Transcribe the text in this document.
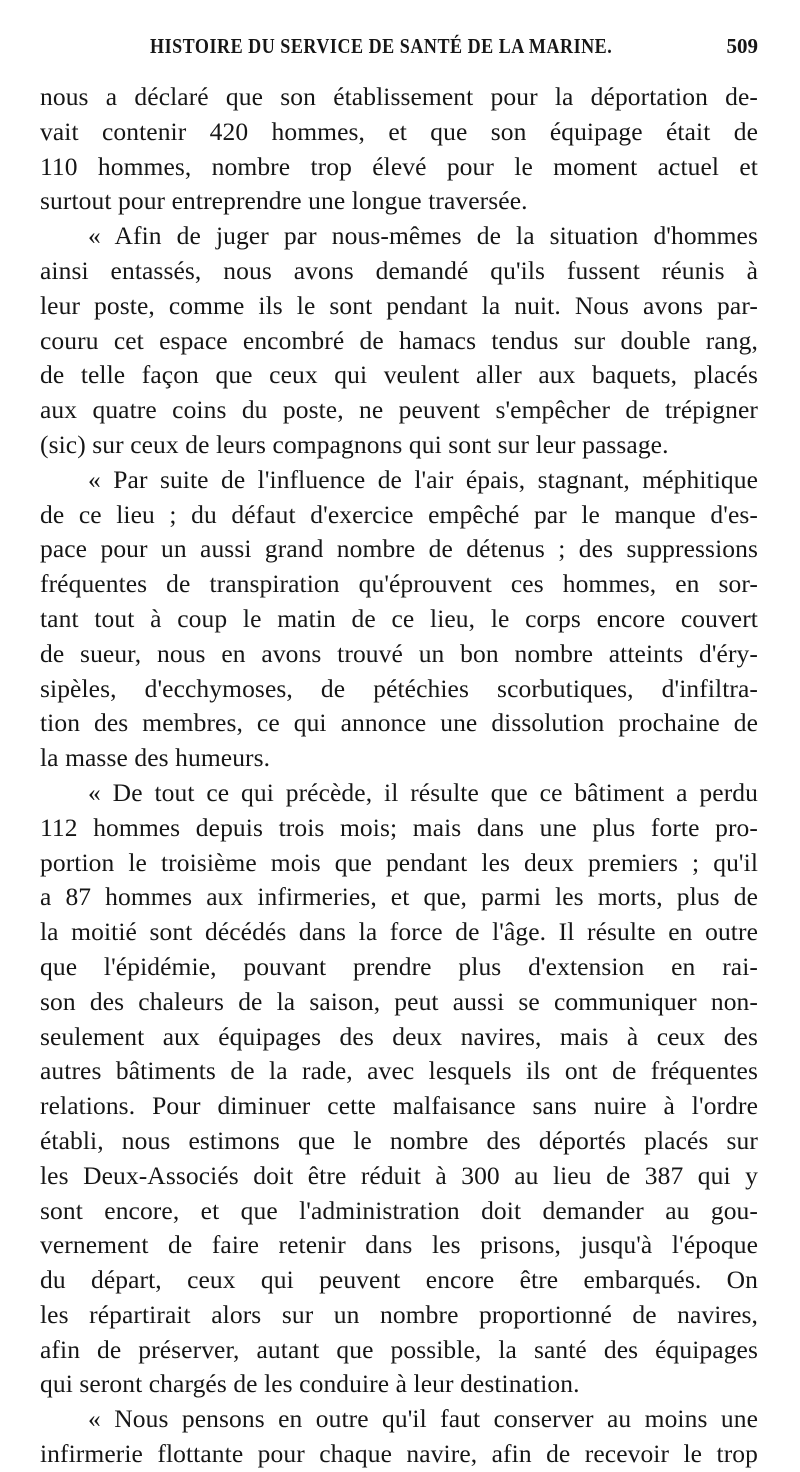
HISTOIRE DU SERVICE DE SANTÉ DE LA MARINE.	509
nous a déclaré que son établissement pour la déportation de-
vait contenir 420 hommes, et que son équipage était de
110 hommes, nombre trop élevé pour le moment actuel et
surtout pour entreprendre une longue traversée.
« Afin de juger par nous-mêmes de la situation d'hommes
ainsi entassés, nous avons demandé qu'ils fussent réunis à
leur poste, comme ils le sont pendant la nuit. Nous avons par-
couru cet espace encombré de hamacs tendus sur double rang,
de telle façon que ceux qui veulent aller aux baquets, placés
aux quatre coins du poste, ne peuvent s'empêcher de trépigner
(sic) sur ceux de leurs compagnons qui sont sur leur passage.
« Par suite de l'influence de l'air épais, stagnant, méphitique
de ce lieu ; du défaut d'exercice empêché par le manque d'es-
pace pour un aussi grand nombre de détenus ; des suppressions
fréquentes de transpiration qu'éprouvent ces hommes, en sor-
tant tout à coup le matin de ce lieu, le corps encore couvert
de sueur, nous en avons trouvé un bon nombre atteints d'éry-
sipèles, d'ecchymoses, de pétéchies scorbutiques, d'infiltra-
tion des membres, ce qui annonce une dissolution prochaine de
la masse des humeurs.
« De tout ce qui précède, il résulte que ce bâtiment a perdu
112 hommes depuis trois mois; mais dans une plus forte pro-
portion le troisième mois que pendant les deux premiers ; qu'il
a 87 hommes aux infirmeries, et que, parmi les morts, plus de
la moitié sont décédés dans la force de l'âge. Il résulte en outre
que l'épidémie, pouvant prendre plus d'extension en rai-
son des chaleurs de la saison, peut aussi se communiquer non-
seulement aux équipages des deux navires, mais à ceux des
autres bâtiments de la rade, avec lesquels ils ont de fréquentes
relations. Pour diminuer cette malfaisance sans nuire à l'ordre
établi, nous estimons que le nombre des déportés placés sur
les Deux-Associés doit être réduit à 300 au lieu de 387 qui y
sont encore, et que l'administration doit demander au gou-
vernement de faire retenir dans les prisons, jusqu'à l'époque
du départ, ceux qui peuvent encore être embarqués. On
les répartirait alors sur un nombre proportionné de navires,
afin de préserver, autant que possible, la santé des équipages
qui seront chargés de les conduire à leur destination.
« Nous pensons en outre qu'il faut conserver au moins une
infirmerie flottante pour chaque navire, afin de recevoir le trop
